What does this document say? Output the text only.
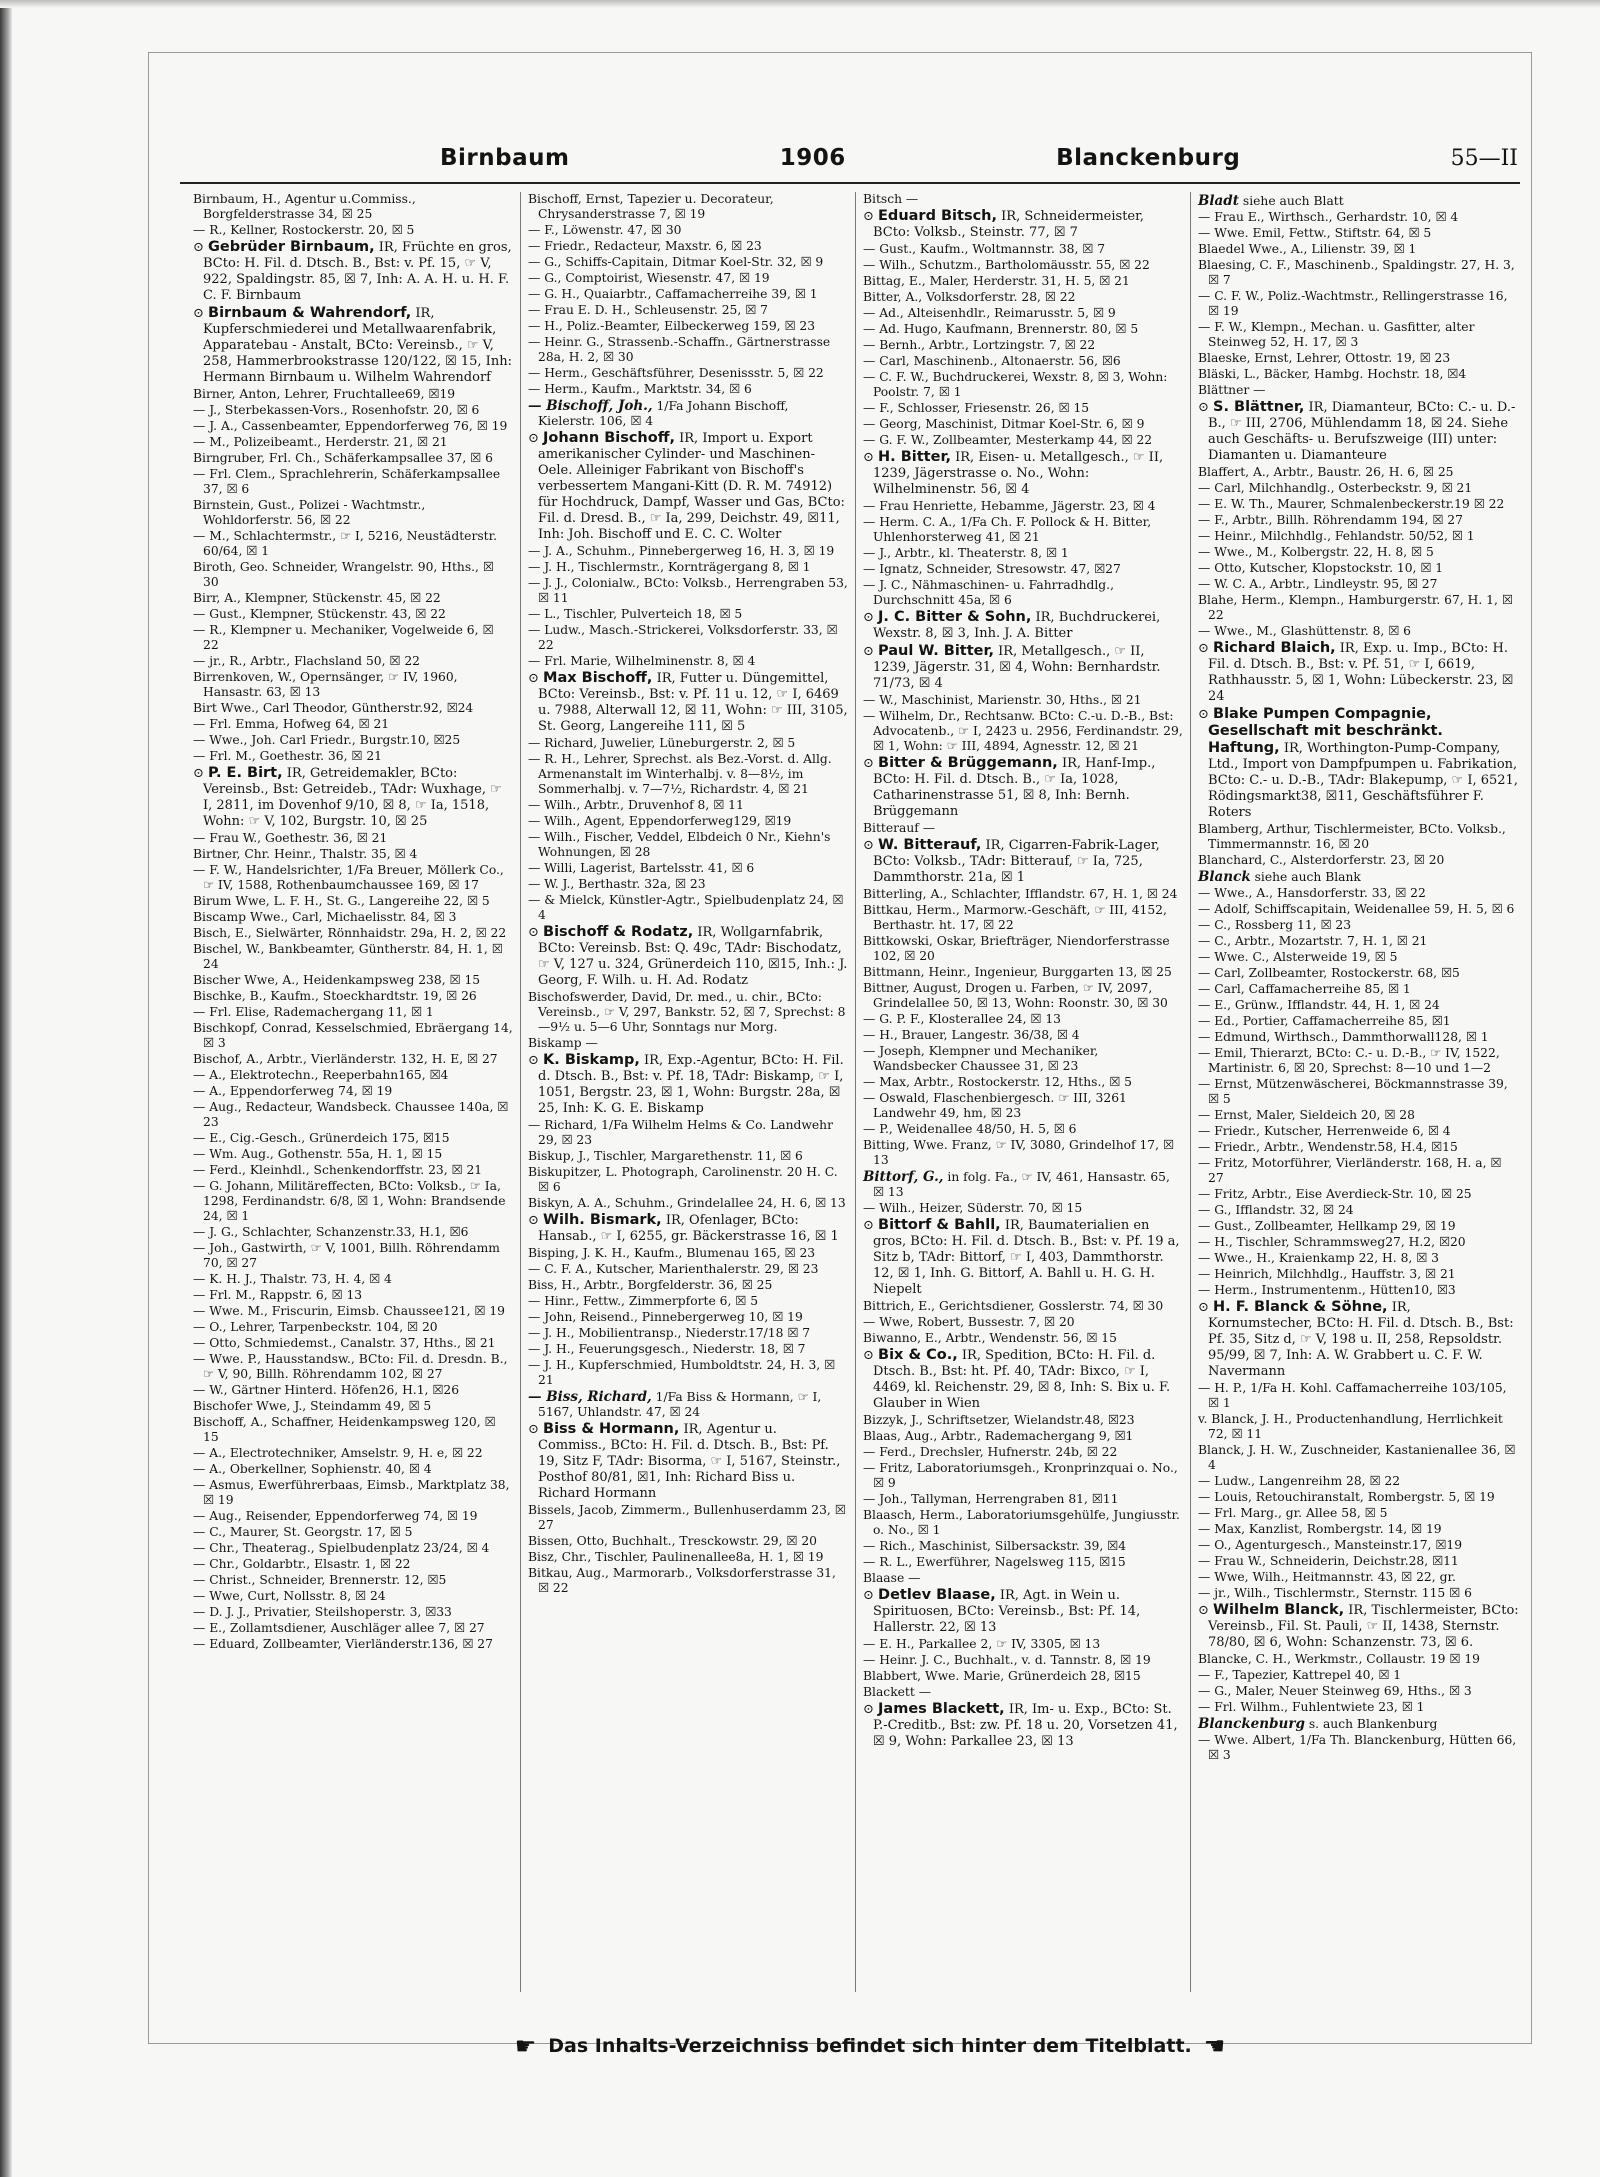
Birnbaum	1906	Blanckenburg	55—II
Birnbaum, H., Agentur u.Commiss., Borgfelderstrasse 34, ☒ 25
— R., Kellner, Rostockerstr. 20, ☒ 5
⊙ Gebrüder Birnbaum, IR, Früchte en gros, BCto: H. Fil. d. Dtsch. B., Bst: v. Pf. 15, ☞ V, 922, Spaldingstr. 85, ☒ 7, Inh: A. A. H. u. H. F. C. F. Birnbaum
⊙ Birnbaum & Wahrendorf, IR, Kupferschmiederei und Metallwaarenfabrik, Apparatebau - Anstalt, BCto: Vereinsb., ☞ V, 258, Hammerbrookstrasse 120/122, ☒ 15, Inh: Hermann Birnbaum u. Wilhelm Wahrendorf
Birner, Anton, Lehrer, Fruchtallee69, ☒19
— J., Sterbekassen-Vors., Rosenhofstr. 20, ☒ 6
— J. A., Cassenbeamter, Eppendorferweg 76, ☒ 19
— M., Polizeibeamt., Herderstr. 21, ☒ 21
Birngruber, Frl. Ch., Schäferkampsallee 37, ☒ 6
— Frl. Clem., Sprachlehrerin, Schäferkampsallee 37, ☒ 6
Birnstein, Gust., Polizei - Wachtmstr., Wohldorferstr. 56, ☒ 22
— M., Schlachtermstr., ☞ I, 5216, Neustädterstr. 60/64, ☒ 1
Biroth, Geo. Schneider, Wrangelstr. 90, Hths., ☒ 30
Birr, A., Klempner, Stückenstr. 45, ☒ 22
— Gust., Klempner, Stückenstr. 43, ☒ 22
— R., Klempner u. Mechaniker, Vogelweide 6, ☒ 22
— jr., R., Arbtr., Flachsland 50, ☒ 22
Birrenkoven, W., Opernsänger, ☞ IV, 1960, Hansastr. 63, ☒ 13
Birt Wwe., Carl Theodor, Güntherstr.92, ☒24
— Frl. Emma, Hofweg 64, ☒ 21
— Wwe., Joh. Carl Friedr., Burgstr.10, ☒25
— Frl. M., Goethestr. 36, ☒ 21
⊙ P. E. Birt, IR, Getreidemakler, BCto: Vereinsb., Bst: Getreideb., TAdr: Wuxhage, ☞ I, 2811, im Dovenhof 9/10, ☒ 8, ☞ Ia, 1518, Wohn: ☞ V, 102, Burgstr. 10, ☒ 25
— Frau W., Goethestr. 36, ☒ 21
Birtner, Chr. Heinr., Thalstr. 35, ☒ 4
— F. W., Handelsrichter, 1/Fa Breuer, Möllerk Co., ☞ IV, 1588, Rothenbaumchaussee 169, ☒ 17
Birum Wwe, L. F. H., St. G., Langereihe 22, ☒ 5
Biscamp Wwe., Carl, Michaelisstr. 84, ☒ 3
Bisch, E., Sielwärter, Rönnhaidstr. 29a, H. 2, ☒ 22
Bischel, W., Bankbeamter, Güntherstr. 84, H. 1, ☒ 24
Bischer Wwe, A., Heidenkampsweg 238, ☒ 15
Bischke, B., Kaufm., Stoeckhardtstr. 19, ☒ 26
— Frl. Elise, Rademachergang 11, ☒ 1
Bischkopf, Conrad, Kesselschmied, Ebräergang 14, ☒ 3
Bischof, A., Arbtr., Vierländerstr. 132, H. E, ☒ 27
— A., Elektrotechn., Reeperbahn165, ☒4
— A., Eppendorferweg 74, ☒ 19
— Aug., Redacteur, Wandsbeck. Chaussee 140a, ☒ 23
— E., Cig.-Gesch., Grünerdeich 175, ☒15
— Wm. Aug., Gothenstr. 55a, H. 1, ☒ 15
— Ferd., Kleinhdl., Schenkendorffstr. 23, ☒ 21
— G. Johann, Militäreffecten, BCto: Volksb., ☞ Ia, 1298, Ferdinandstr. 6/8, ☒ 1, Wohn: Brandsende 24, ☒ 1
— J. G., Schlachter, Schanzenstr.33, H.1, ☒6
— Joh., Gastwirth, ☞ V, 1001, Billh. Röhrendamm 70, ☒ 27
— K. H. J., Thalstr. 73, H. 4, ☒ 4
— Frl. M., Rappstr. 6, ☒ 13
— Wwe. M., Friscurin, Eimsb. Chaussee121, ☒ 19
— O., Lehrer, Tarpenbeckstr. 104, ☒ 20
— Otto, Schmiedemst., Canalstr. 37, Hths., ☒ 21
— Wwe. P., Hausstandsw., BCto: Fil. d. Dresdn. B., ☞ V, 90, Billh. Röhrendamm 102, ☒ 27
— W., Gärtner Hinterd. Höfen26, H.1, ☒26
Bischofer Wwe, J., Steindamm 49, ☒ 5
Bischoff, A., Schaffner, Heidenkampsweg 120, ☒ 15
— A., Electrotechniker, Amselstr. 9, H. e, ☒ 22
— A., Oberkellner, Sophienstr. 40, ☒ 4
— Asmus, Ewerführerbaas, Eimsb., Marktplatz 38, ☒ 19
— Aug., Reisender, Eppendorferweg 74, ☒ 19
— C., Maurer, St. Georgstr. 17, ☒ 5
— Chr., Theaterag., Spielbudenplatz 23/24, ☒ 4
— Chr., Goldarbtr., Elsastr. 1, ☒ 22
— Christ., Schneider, Brennerstr. 12, ☒5
— Wwe, Curt, Nollsstr. 8, ☒ 24
— D. J. J., Privatier, Steilshoperstr. 3, ☒33
— E., Zollamtsdiener, Auschläger allee 7, ☒ 27
— Eduard, Zollbeamter, Vierländerstr.136, ☒ 27
Bischoff, Ernst, Tapezier u. Decorateur, Chrysanderstrasse 7, ☒ 19
— F., Löwenstr. 47, ☒ 30
— Friedr., Redacteur, Maxstr. 6, ☒ 23
— G., Schiffs-Capitain, Ditmar Koel-Str. 32, ☒ 9
— G., Comptoirist, Wiesenstr. 47, ☒ 19
— G. H., Quaiarbtr., Caffamacherreihe 39, ☒ 1
— Frau E. D. H., Schleusenstr. 25, ☒ 7
— H., Poliz.-Beamter, Eilbeckerweg 159, ☒ 23
— Heinr. G., Strassenb.-Schaffn., Gärtnerstrasse 28a, H. 2, ☒ 30
— Herm., Geschäftsführer, Desenissstr. 5, ☒ 22
— Herm., Kaufm., Marktstr. 34, ☒ 6
— Bischoff, Joh., 1/Fa Johann Bischoff, Kielerstr. 106, ☒ 4
⊙ Johann Bischoff, IR, Import u. Export amerikanischer Cylinder- und Maschinen-Oele. Alleiniger Fabrikant von Bischoff's verbessertem Mangani-Kitt (D. R. M. 74912) für Hochdruck, Dampf, Wasser und Gas, BCto: Fil. d. Dresd. B., ☞ Ia, 299, Deichstr. 49, ☒11, Inh: Joh. Bischoff und E. C. C. Wolter
— J. A., Schuhm., Pinnebergerweg 16, H. 3, ☒ 19
— J. H., Tischlermstr., Kornträgergang 8, ☒ 1
— J. J., Colonialw., BCto: Volksb., Herrengraben 53, ☒ 11
— L., Tischler, Pulverteich 18, ☒ 5
— Ludw., Masch.-Strickerei, Volksdorferstr. 33, ☒ 22
— Frl. Marie, Wilhelminenstr. 8, ☒ 4
⊙ Max Bischoff, IR, Futter u. Düngemittel, BCto: Vereinsb., Bst: v. Pf. 11 u. 12, ☞ I, 6469 u. 7988, Alterwall 12, ☒ 11, Wohn: ☞ III, 3105, St. Georg, Langereihe 111, ☒ 5
— Richard, Juwelier, Lüneburgerstr. 2, ☒ 5
— R. H., Lehrer, Sprechst. als Bez.-Vorst. d. Allg. Armenanstalt im Winterhalbj. v. 8—8½, im Sommerhalbj. v. 7—7½, Richardstr. 4, ☒ 21
— Wilh., Arbtr., Druvenhof 8, ☒ 11
— Wilh., Agent, Eppendorferweg129, ☒19
— Wilh., Fischer, Veddel, Elbdeich 0 Nr., Kiehn's Wohnungen, ☒ 28
— Willi, Lagerist, Bartelsstr. 41, ☒ 6
— W. J., Berthastr. 32a, ☒ 23
— & Mielck, Künstler-Agtr., Spielbudenplatz 24, ☒ 4
⊙ Bischoff & Rodatz, IR, Wollgarnfabrik, BCto: Vereinsb. Bst: Q. 49c, TAdr: Bischodatz, ☞ V, 127 u. 324, Grünerdeich 110, ☒15, Inh.: J. Georg, F. Wilh. u. H. Ad. Rodatz
Bischofswerder, David, Dr. med., u. chir., BCto: Vereinsb., ☞ V, 297, Bankstr. 52, ☒ 7, Sprechst: 8—9½ u. 5—6 Uhr, Sonntags nur Morg.
Biskamp —
⊙ K. Biskamp, IR, Exp.-Agentur, BCto: H. Fil. d. Dtsch. B., Bst: v. Pf. 18, TAdr: Biskamp, ☞ I, 1051, Bergstr. 23, ☒ 1, Wohn: Burgstr. 28a, ☒ 25, Inh: K. G. E. Biskamp
— Richard, 1/Fa Wilhelm Helms & Co. Landwehr 29, ☒ 23
Biskup, J., Tischler, Margarethenstr. 11, ☒ 6
Biskupitzer, L. Photograph, Carolinenstr. 20 H. C. ☒ 6
Biskyn, A. A., Schuhm., Grindelallee 24, H. 6, ☒ 13
⊙ Wilh. Bismark, IR, Ofenlager, BCto: Hansab., ☞ I, 6255, gr. Bäckerstrasse 16, ☒ 1
Bisping, J. K. H., Kaufm., Blumenau 165, ☒ 23
— C. F. A., Kutscher, Marienthalerstr. 29, ☒ 23
Biss, H., Arbtr., Borgfelderstr. 36, ☒ 25
— Hinr., Fettw., Zimmerpforte 6, ☒ 5
— John, Reisend., Pinnebergerweg 10, ☒ 19
— J. H., Mobilientransp., Niederstr.17/18 ☒ 7
— J. H., Feuerungsgesch., Niederstr. 18, ☒ 7
— J. H., Kupferschmied, Humboldtstr. 24, H. 3, ☒ 21
— Biss, Richard, 1/Fa Biss & Hormann, ☞ I, 5167, Uhlandstr. 47, ☒ 24
⊙ Biss & Hormann, IR, Agentur u. Commiss., BCto: H. Fil. d. Dtsch. B., Bst: Pf. 19, Sitz F, TAdr: Bisorma, ☞ I, 5167, Steinstr., Posthof 80/81, ☒1, Inh: Richard Biss u. Richard Hormann
Bissels, Jacob, Zimmerm., Bullenhuserdamm 23, ☒ 27
Bissen, Otto, Buchhalt., Tresckowstr. 29, ☒ 20
Bisz, Chr., Tischler, Paulinenallee8a, H. 1, ☒ 19
Bitkau, Aug., Marmorarb., Volksdorferstrasse 31, ☒ 22
Bitsch —
⊙ Eduard Bitsch, IR, Schneidermeister, BCto: Volksb., Steinstr. 77, ☒ 7
— Gust., Kaufm., Woltmannstr. 38, ☒ 7
— Wilh., Schutzm., Bartholomäusstr. 55, ☒ 22
Bittag, E., Maler, Herderstr. 31, H. 5, ☒ 21
Bitter, A., Volksdorferstr. 28, ☒ 22
— Ad., Alteisenhdlr., Reimarusstr. 5, ☒ 9
— Ad. Hugo, Kaufmann, Brennerstr. 80, ☒ 5
— Bernh., Arbtr., Lortzingstr. 7, ☒ 22
— Carl, Maschinenb., Altonaerstr. 56, ☒6
— C. F. W., Buchdruckerei, Wexstr. 8, ☒ 3, Wohn: Poolstr. 7, ☒ 1
— F., Schlosser, Friesenstr. 26, ☒ 15
— Georg, Maschinist, Ditmar Koel-Str. 6, ☒ 9
— G. F. W., Zollbeamter, Mesterkamp 44, ☒ 22
⊙ H. Bitter, IR, Eisen- u. Metallgesch., ☞ II, 1239, Jägerstrasse o. No., Wohn: Wilhelminenstr. 56, ☒ 4
— Frau Henriette, Hebamme, Jägerstr. 23, ☒ 4
— Herm. C. A., 1/Fa Ch. F. Pollock & H. Bitter, Uhlenhorsterweg 41, ☒ 21
— J., Arbtr., kl. Theaterstr. 8, ☒ 1
— Ignatz, Schneider, Stresowstr. 47, ☒27
— J. C., Nähmaschinen- u. Fahrradhdlg., Durchschnitt 45a, ☒ 6
⊙ J. C. Bitter & Sohn, IR, Buchdruckerei, Wexstr. 8, ☒ 3, Inh. J. A. Bitter
⊙ Paul W. Bitter, IR, Metallgesch., ☞ II, 1239, Jägerstr. 31, ☒ 4, Wohn: Bernhardstr. 71/73, ☒ 4
— W., Maschinist, Marienstr. 30, Hths., ☒ 21
— Wilhelm, Dr., Rechtsanw. BCto: C.-u. D.-B., Bst: Advocatenb., ☞ I, 2423 u. 2956, Ferdinandstr. 29, ☒ 1, Wohn: ☞ III, 4894, Agnesstr. 12, ☒ 21
⊙ Bitter & Brüggemann, IR, Hanf-Imp., BCto: H. Fil. d. Dtsch. B., ☞ Ia, 1028, Catharinenstrasse 51, ☒ 8, Inh: Bernh. Brüggemann
Bitterauf —
⊙ W. Bitterauf, IR, Cigarren-Fabrik-Lager, BCto: Volksb., TAdr: Bitterauf, ☞ Ia, 725, Dammthorstr. 21a, ☒ 1
Bitterling, A., Schlachter, Ifflandstr. 67, H. 1, ☒ 24
Bittkau, Herm., Marmorw.-Geschäft, ☞ III, 4152, Berthastr. ht. 17, ☒ 22
Bittkowski, Oskar, Briefträger, Niendorferstrasse 102, ☒ 20
Bittmann, Heinr., Ingenieur, Burggarten 13, ☒ 25
Bittner, August, Drogen u. Farben, ☞ IV, 2097, Grindelallee 50, ☒ 13, Wohn: Roonstr. 30, ☒ 30
— G. P. F., Klosterallee 24, ☒ 13
— H., Brauer, Langestr. 36/38, ☒ 4
— Joseph, Klempner und Mechaniker, Wandsbecker Chaussee 31, ☒ 23
— Max, Arbtr., Rostockerstr. 12, Hths., ☒ 5
— Oswald, Flaschenbiergesch. ☞ III, 3261 Landwehr 49, hm, ☒ 23
— P., Weidenallee 48/50, H. 5, ☒ 6
Bitting, Wwe. Franz, ☞ IV, 3080, Grindelhof 17, ☒ 13
Bittorf, G., in folg. Fa., ☞ IV, 461, Hansastr. 65, ☒ 13
— Wilh., Heizer, Süderstr. 70, ☒ 15
⊙ Bittorf & Bahll, IR, Baumaterialien en gros, BCto: H. Fil. d. Dtsch. B., Bst: v. Pf. 19 a, Sitz b, TAdr: Bittorf, ☞ I, 403, Dammthorstr. 12, ☒ 1, Inh. G. Bittorf, A. Bahll u. H. G. H. Niepelt
Bittrich, E., Gerichtsdiener, Gosslerstr. 74, ☒ 30
— Wwe, Robert, Bussestr. 7, ☒ 20
Biwanno, E., Arbtr., Wendenstr. 56, ☒ 15
⊙ Bix & Co., IR, Spedition, BCto: H. Fil. d. Dtsch. B., Bst: ht. Pf. 40, TAdr: Bixco, ☞ I, 4469, kl. Reichenstr. 29, ☒ 8, Inh: S. Bix u. F. Glauber in Wien
Bizzyk, J., Schriftsetzer, Wielandstr.48, ☒23
Blaas, Aug., Arbtr., Rademachergang 9, ☒1
— Ferd., Drechsler, Hufnerstr. 24b, ☒ 22
— Fritz, Laboratoriumsgeh., Kronprinzquai o. No., ☒ 9
— Joh., Tallyman, Herrengraben 81, ☒11
Blaasch, Herm., Laboratoriumsgehülfe, Jungiusstr. o. No., ☒ 1
— Rich., Maschinist, Silbersackstr. 39, ☒4
— R. L., Ewerführer, Nagelsweg 115, ☒15
Blaase —
⊙ Detlev Blaase, IR, Agt. in Wein u. Spirituosen, BCto: Vereinsb., Bst: Pf. 14, Hallerstr. 22, ☒ 13
— E. H., Parkallee 2, ☞ IV, 3305, ☒ 13
— Heinr. J. C., Buchhalt., v. d. Tannstr. 8, ☒ 19
Blabbert, Wwe. Marie, Grünerdeich 28, ☒15
Blackett —
⊙ James Blackett, IR, Im- u. Exp., BCto: St. P.-Creditb., Bst: zw. Pf. 18 u. 20, Vorsetzen 41, ☒ 9, Wohn: Parkallee 23, ☒ 13
Bladt siehe auch Blatt
— Frau E., Wirthsch., Gerhardstr. 10, ☒ 4
— Wwe. Emil, Fettw., Stiftstr. 64, ☒ 5
Blaedel Wwe., A., Lilienstr. 39, ☒ 1
Blaesing, C. F., Maschinenb., Spaldingstr. 27, H. 3, ☒ 7
— C. F. W., Poliz.-Wachtmstr., Rellingerstrasse 16, ☒ 19
— F. W., Klempn., Mechan. u. Gasfitter, alter Steinweg 52, H. 17, ☒ 3
Blaeske, Ernst, Lehrer, Ottostr. 19, ☒ 23
Bläski, L., Bäcker, Hambg. Hochstr. 18, ☒4
Blättner —
⊙ S. Blättner, IR, Diamanteur, BCto: C.- u. D.-B., ☞ III, 2706, Mühlendamm 18, ☒ 24. Siehe auch Geschäfts- u. Berufszweige (III) unter: Diamanten u. Diamanteure
Blaffert, A., Arbtr., Baustr. 26, H. 6, ☒ 25
— Carl, Milchhandlg., Osterbeckstr. 9, ☒ 21
— E. W. Th., Maurer, Schmalenbeckerstr.19 ☒ 22
— F., Arbtr., Billh. Röhrendamm 194, ☒ 27
— Heinr., Milchhdlg., Fehlandstr. 50/52, ☒ 1
— Wwe., M., Kolbergstr. 22, H. 8, ☒ 5
— Otto, Kutscher, Klopstockstr. 10, ☒ 1
— W. C. A., Arbtr., Lindleystr. 95, ☒ 27
Blahe, Herm., Klempn., Hamburgerstr. 67, H. 1, ☒ 22
— Wwe., M., Glashüttenstr. 8, ☒ 6
⊙ Richard Blaich, IR, Exp. u. Imp., BCto: H. Fil. d. Dtsch. B., Bst: v. Pf. 51, ☞ I, 6619, Rathhausstr. 5, ☒ 1, Wohn: Lübeckerstr. 23, ☒ 24
⊙ Blake Pumpen Compagnie, Gesellschaft mit beschränkt. Haftung, IR, Worthington-Pump-Company, Ltd., Import von Dampfpumpen u. Fabrikation, BCto: C.- u. D.-B., TAdr: Blakepump, ☞ I, 6521, Rödingsmarkt38, ☒11, Geschäftsführer F. Roters
Blamberg, Arthur, Tischlermeister, BCto. Volksb., Timmermannstr. 16, ☒ 20
Blanchard, C., Alsterdorferstr. 23, ☒ 20
Blanck siehe auch Blank
— Wwe., A., Hansdorferstr. 33, ☒ 22
— Adolf, Schiffscapitain, Weidenallee 59, H. 5, ☒ 6
— C., Rossberg 11, ☒ 23
— C., Arbtr., Mozartstr. 7, H. 1, ☒ 21
— Wwe. C., Alsterweide 19, ☒ 5
— Carl, Zollbeamter, Rostockerstr. 68, ☒5
— Carl, Caffamacherreihe 85, ☒ 1
— E., Grünw., Ifflandstr. 44, H. 1, ☒ 24
— Ed., Portier, Caffamacherreihe 85, ☒1
— Edmund, Wirthsch., Dammthorwall128, ☒ 1
— Emil, Thierarzt, BCto: C.- u. D.-B., ☞ IV, 1522, Martinistr. 6, ☒ 20, Sprechst: 8—10 und 1—2
— Ernst, Mützenwäscherei, Böckmannstrasse 39, ☒ 5
— Ernst, Maler, Sieldeich 20, ☒ 28
— Friedr., Kutscher, Herrenweide 6, ☒ 4
— Friedr., Arbtr., Wendenstr.58, H.4, ☒15
— Fritz, Motorführer, Vierländerstr. 168, H. a, ☒ 27
— Fritz, Arbtr., Eise Averdieck-Str. 10, ☒ 25
— G., Ifflandstr. 32, ☒ 24
— Gust., Zollbeamter, Hellkamp 29, ☒ 19
— H., Tischler, Schrammsweg27, H.2, ☒20
— Wwe., H., Kraienkamp 22, H. 8, ☒ 3
— Heinrich, Milchhdlg., Hauffstr. 3, ☒ 21
— Herm., Instrumentenm., Hütten10, ☒3
⊙ H. F. Blanck & Söhne, IR, Kornumstecher, BCto: H. Fil. d. Dtsch. B., Bst: Pf. 35, Sitz d, ☞ V, 198 u. II, 258, Repsoldstr. 95/99, ☒ 7, Inh: A. W. Grabbert u. C. F. W. Navermann
— H. P., 1/Fa H. Kohl. Caffamacherreihe 103/105, ☒ 1
v. Blanck, J. H., Productenhandlung, Herrlichkeit 72, ☒ 11
Blanck, J. H. W., Zuschneider, Kastanienallee 36, ☒ 4
— Ludw., Langenreihm 28, ☒ 22
— Louis, Retouchiranstalt, Rombergstr. 5, ☒ 19
— Frl. Marg., gr. Allee 58, ☒ 5
— Max, Kanzlist, Rombergstr. 14, ☒ 19
— O., Agenturgesch., Mansteinstr.17, ☒19
— Frau W., Schneiderin, Deichstr.28, ☒11
— Wwe, Wilh., Heitmannstr. 43, ☒ 22, gr.
— jr., Wilh., Tischlermstr., Sternstr. 115 ☒ 6
⊙ Wilhelm Blanck, IR, Tischlermeister, BCto: Vereinsb., Fil. St. Pauli, ☞ II, 1438, Sternstr. 78/80, ☒ 6, Wohn: Schanzenstr. 73, ☒ 6.
Blancke, C. H., Werkmstr., Collaustr. 19 ☒ 19
— F., Tapezier, Kattrepel 40, ☒ 1
— G., Maler, Neuer Steinweg 69, Hths., ☒ 3
— Frl. Wilhm., Fuhlentwiete 23, ☒ 1
Blanckenburg s. auch Blankenburg
— Wwe. Albert, 1/Fa Th. Blanckenburg, Hütten 66, ☒ 3
☛ Das Inhalts-Verzeichniss befindet sich hinter dem Titelblatt. ☚
